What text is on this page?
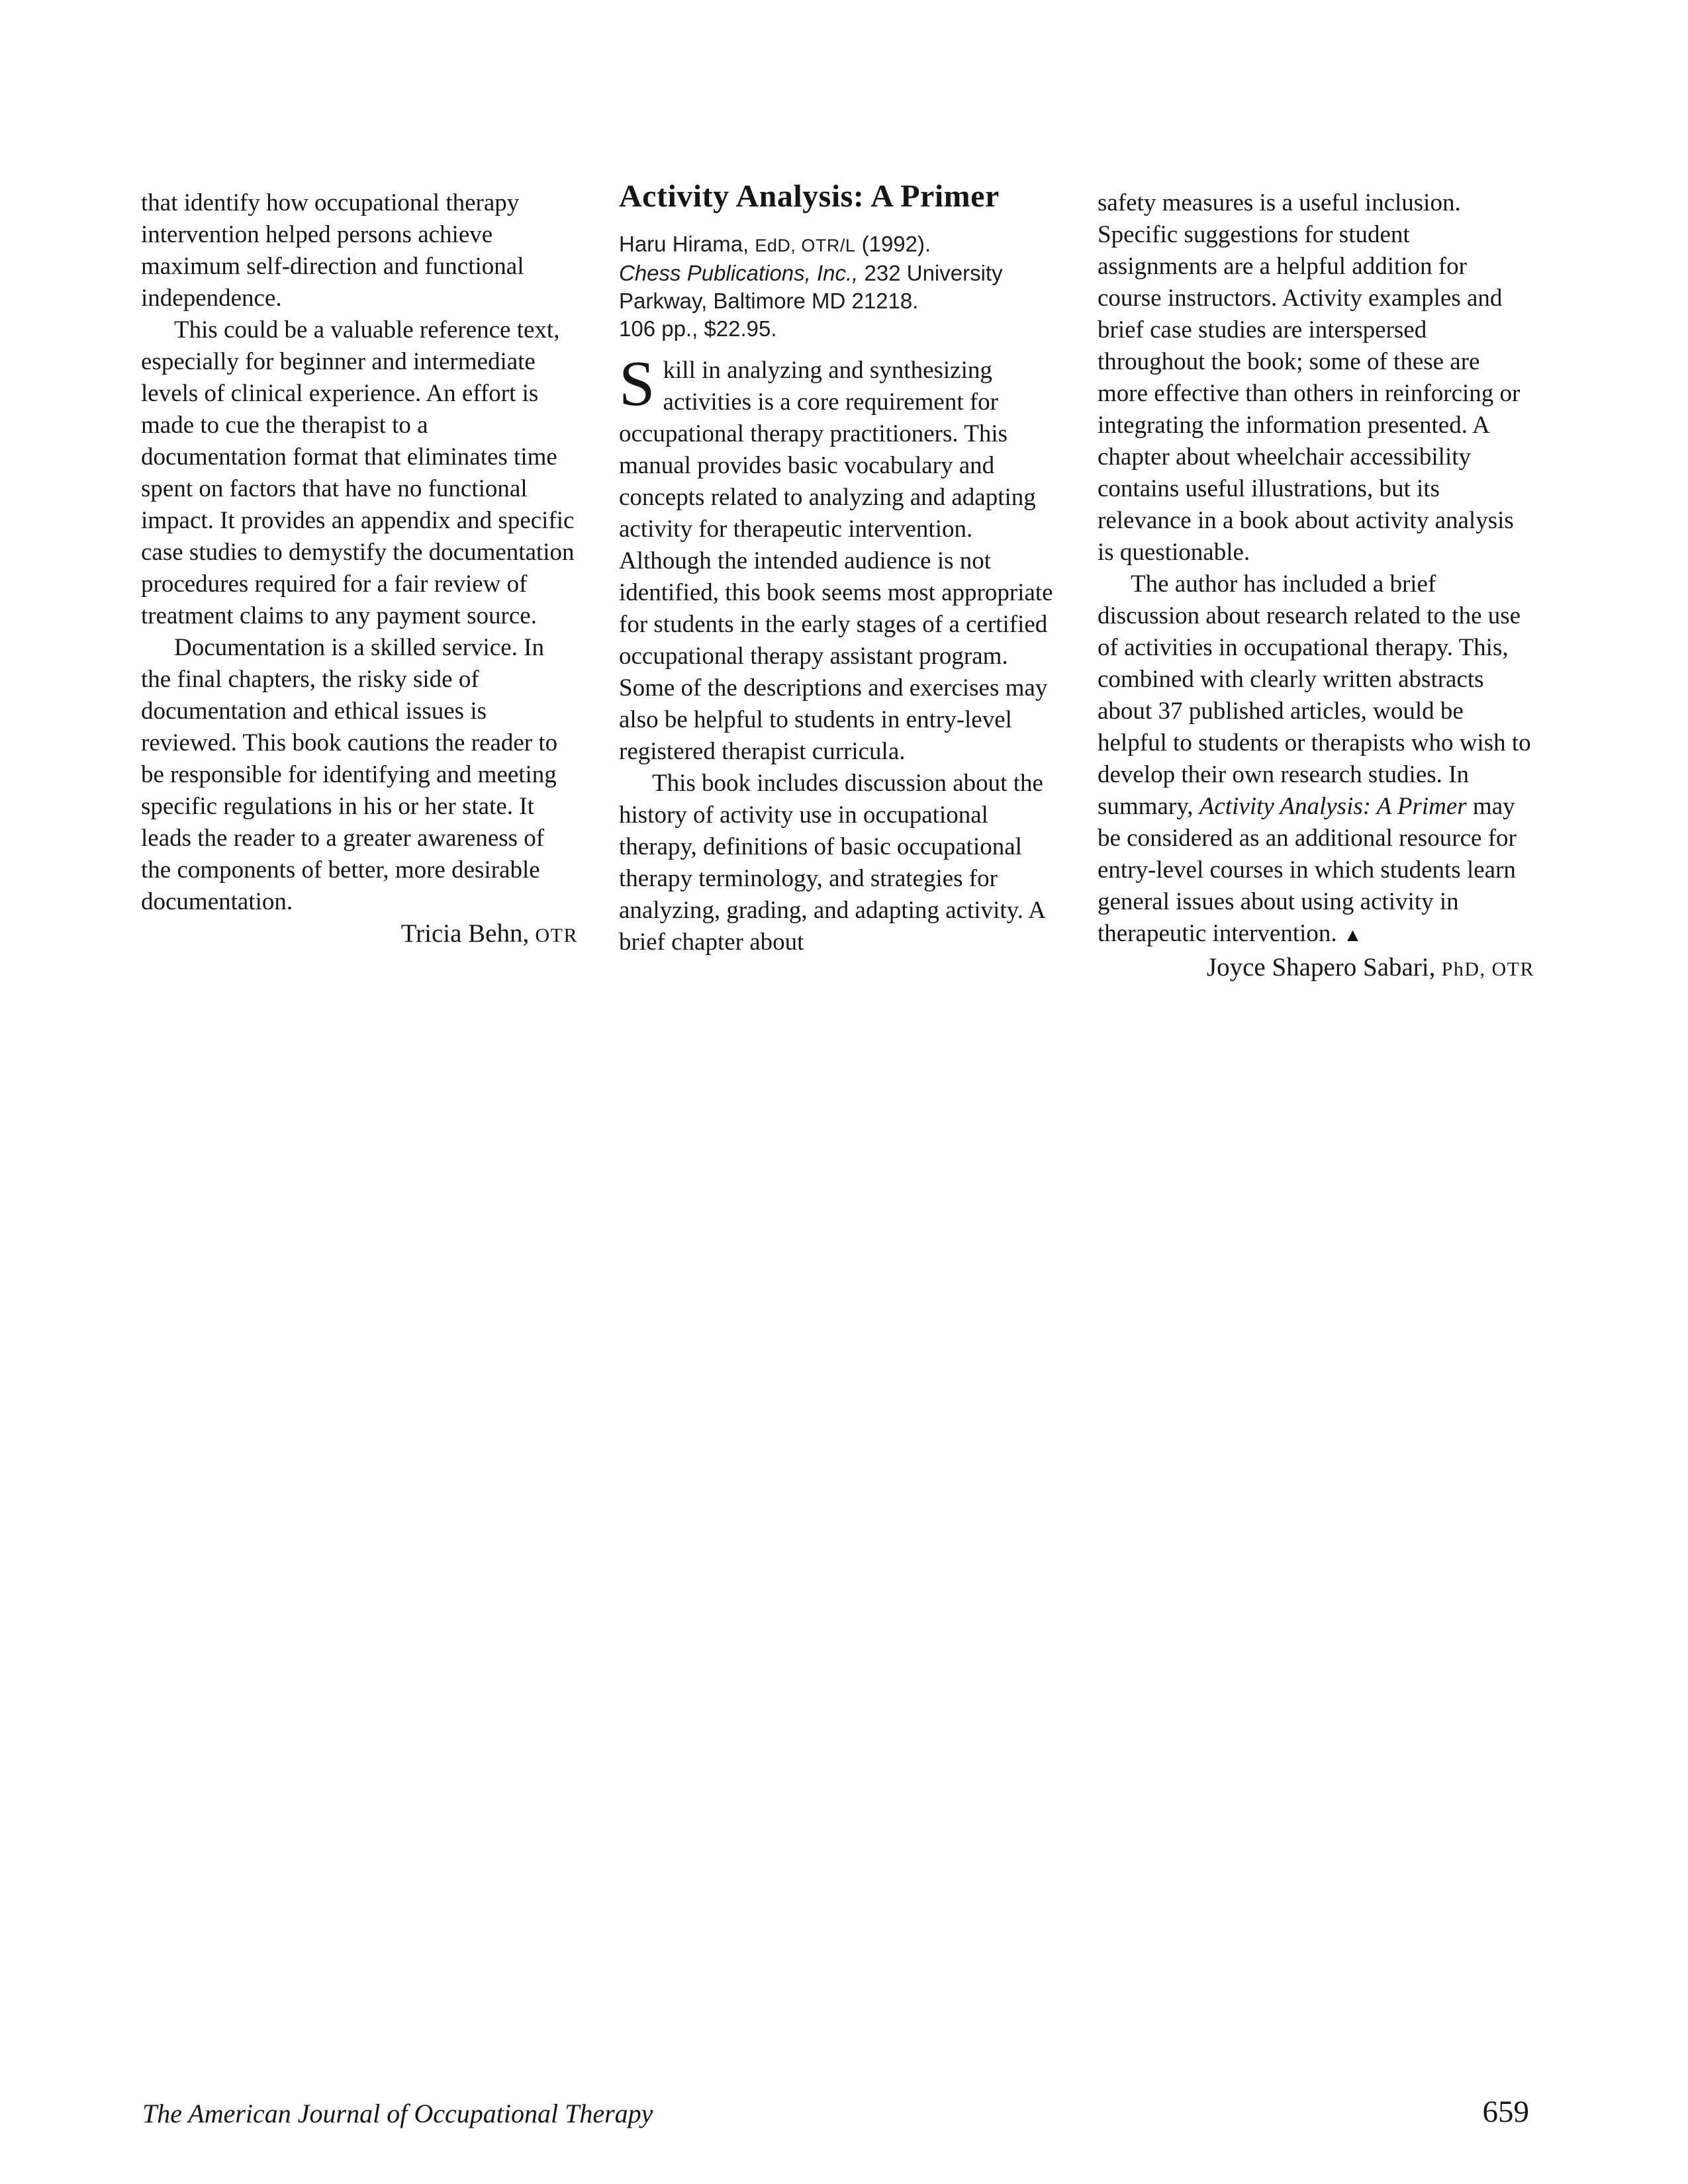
that identify how occupational therapy intervention helped persons achieve maximum self-direction and functional independence.

This could be a valuable reference text, especially for beginner and intermediate levels of clinical experience. An effort is made to cue the therapist to a documentation format that eliminates time spent on factors that have no functional impact. It provides an appendix and specific case studies to demystify the documentation procedures required for a fair review of treatment claims to any payment source.

Documentation is a skilled service. In the final chapters, the risky side of documentation and ethical issues is reviewed. This book cautions the reader to be responsible for identifying and meeting specific regulations in his or her state. It leads the reader to a greater awareness of the components of better, more desirable documentation.

Tricia Behn, OTR

Activity Analysis: A Primer

Haru Hirama, EdD, OTR/L (1992).
Chess Publications, Inc., 232 University Parkway, Baltimore MD 21218.
106 pp., $22.95.

Skill in analyzing and synthesizing activities is a core requirement for occupational therapy practitioners. This manual provides basic vocabulary and concepts related to analyzing and adapting activity for therapeutic intervention. Although the intended audience is not identified, this book seems most appropriate for students in the early stages of a certified occupational therapy assistant program. Some of the descriptions and exercises may also be helpful to students in entry-level registered therapist curricula.

This book includes discussion about the history of activity use in occupational therapy, definitions of basic occupational therapy terminology, and strategies for analyzing, grading, and adapting activity. A brief chapter about

safety measures is a useful inclusion. Specific suggestions for student assignments are a helpful addition for course instructors. Activity examples and brief case studies are interspersed throughout the book; some of these are more effective than others in reinforcing or integrating the information presented. A chapter about wheelchair accessibility contains useful illustrations, but its relevance in a book about activity analysis is questionable.

The author has included a brief discussion about research related to the use of activities in occupational therapy. This, combined with clearly written abstracts about 37 published articles, would be helpful to students or therapists who wish to develop their own research studies. In summary, Activity Analysis: A Primer may be considered as an additional resource for entry-level courses in which students learn general issues about using activity in therapeutic intervention. ▲

Joyce Shapero Sabari, PhD, OTR

The American Journal of Occupational Therapy	659
